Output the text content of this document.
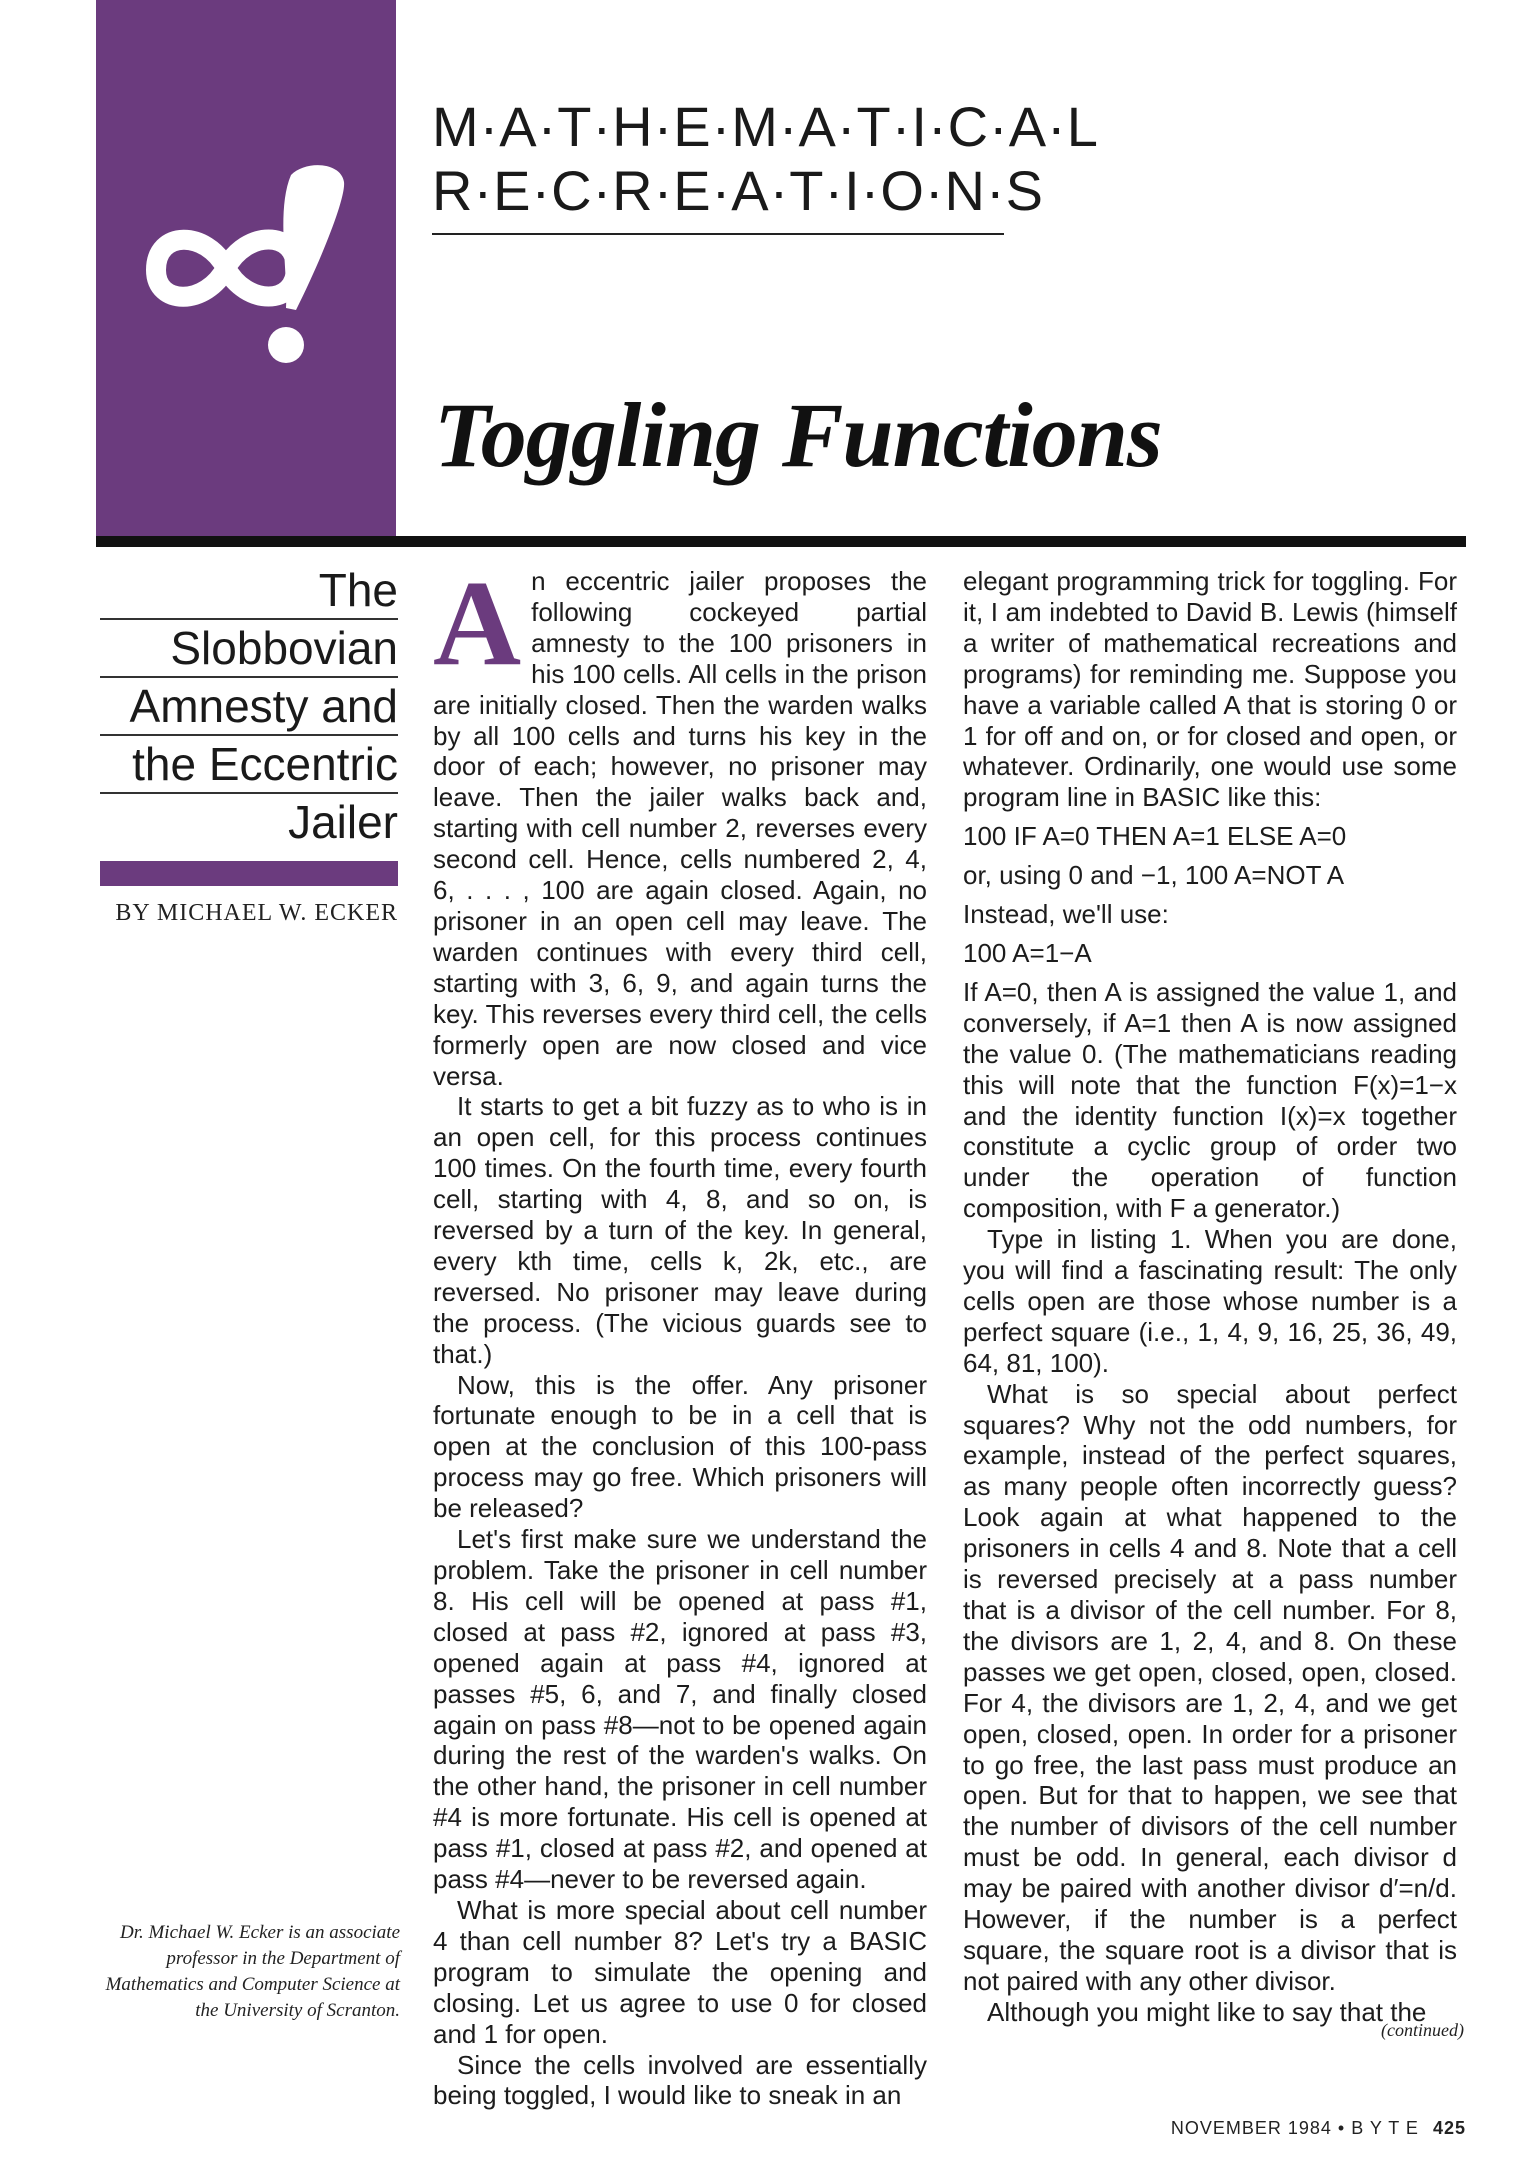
M·A·T·H·E·M·A·T·I·C·A·L
R·E·C·R·E·A·T·I·O·N·S
Toggling Functions
The
Slobbovian
Amnesty and
the Eccentric
Jailer
BY MICHAEL W. ECKER
Dr. Michael W. Ecker is an associate professor in the Department of Mathematics and Computer Science at the University of Scranton.
A n eccentric jailer proposes the following cockeyed partial amnesty to the 100 prisoners in his 100 cells. All cells in the prison are initially closed. Then the warden walks by all 100 cells and turns his key in the door of each; however, no prisoner may leave. Then the jailer walks back and, starting with cell number 2, reverses every second cell. Hence, cells numbered 2, 4, 6, . . . , 100 are again closed. Again, no prisoner in an open cell may leave. The warden continues with every third cell, starting with 3, 6, 9, and again turns the key. This reverses every third cell, the cells formerly open are now closed and vice versa.

It starts to get a bit fuzzy as to who is in an open cell, for this process continues 100 times. On the fourth time, every fourth cell, starting with 4, 8, and so on, is reversed by a turn of the key. In general, every kth time, cells k, 2k, etc., are reversed. No prisoner may leave during the process. (The vicious guards see to that.)

Now, this is the offer. Any prisoner fortunate enough to be in a cell that is open at the conclusion of this 100-pass process may go free. Which prisoners will be released?

Let's first make sure we understand the problem. Take the prisoner in cell number 8. His cell will be opened at pass #1, closed at pass #2, ignored at pass #3, opened again at pass #4, ignored at passes #5, 6, and 7, and finally closed again on pass #8—not to be opened again during the rest of the warden's walks. On the other hand, the prisoner in cell number #4 is more fortunate. His cell is opened at pass #1, closed at pass #2, and opened at pass #4—never to be reversed again.

What is more special about cell number 4 than cell number 8? Let's try a BASIC program to simulate the opening and closing. Let us agree to use 0 for closed and 1 for open.

Since the cells involved are essentially being toggled, I would like to sneak in an

elegant programming trick for toggling. For it, I am indebted to David B. Lewis (himself a writer of mathematical recreations and programs) for reminding me. Suppose you have a variable called A that is storing 0 or 1 for off and on, or for closed and open, or whatever. Ordinarily, one would use some program line in BASIC like this:

100 IF A=0 THEN A=1 ELSE A=0

or, using 0 and −1, 100 A=NOT A

Instead, we'll use:

100 A=1−A

If A=0, then A is assigned the value 1, and conversely, if A=1 then A is now assigned the value 0. (The mathematicians reading this will note that the function F(x)=1−x and the identity function I(x)=x together constitute a cyclic group of order two under the operation of function composition, with F a generator.)

Type in listing 1. When you are done, you will find a fascinating result: The only cells open are those whose number is a perfect square (i.e., 1, 4, 9, 16, 25, 36, 49, 64, 81, 100).

What is so special about perfect squares? Why not the odd numbers, for example, instead of the perfect squares, as many people often incorrectly guess? Look again at what happened to the prisoners in cells 4 and 8. Note that a cell is reversed precisely at a pass number that is a divisor of the cell number. For 8, the divisors are 1, 2, 4, and 8. On these passes we get open, closed, open, closed. For 4, the divisors are 1, 2, 4, and we get open, closed, open. In order for a prisoner to go free, the last pass must produce an open. But for that to happen, we see that the number of divisors of the cell number must be odd. In general, each divisor d may be paired with another divisor d′=n/d. However, if the number is a perfect square, the square root is a divisor that is not paired with any other divisor.

Although you might like to say that the

(continued)
NOVEMBER 1984 • B Y T E 425
